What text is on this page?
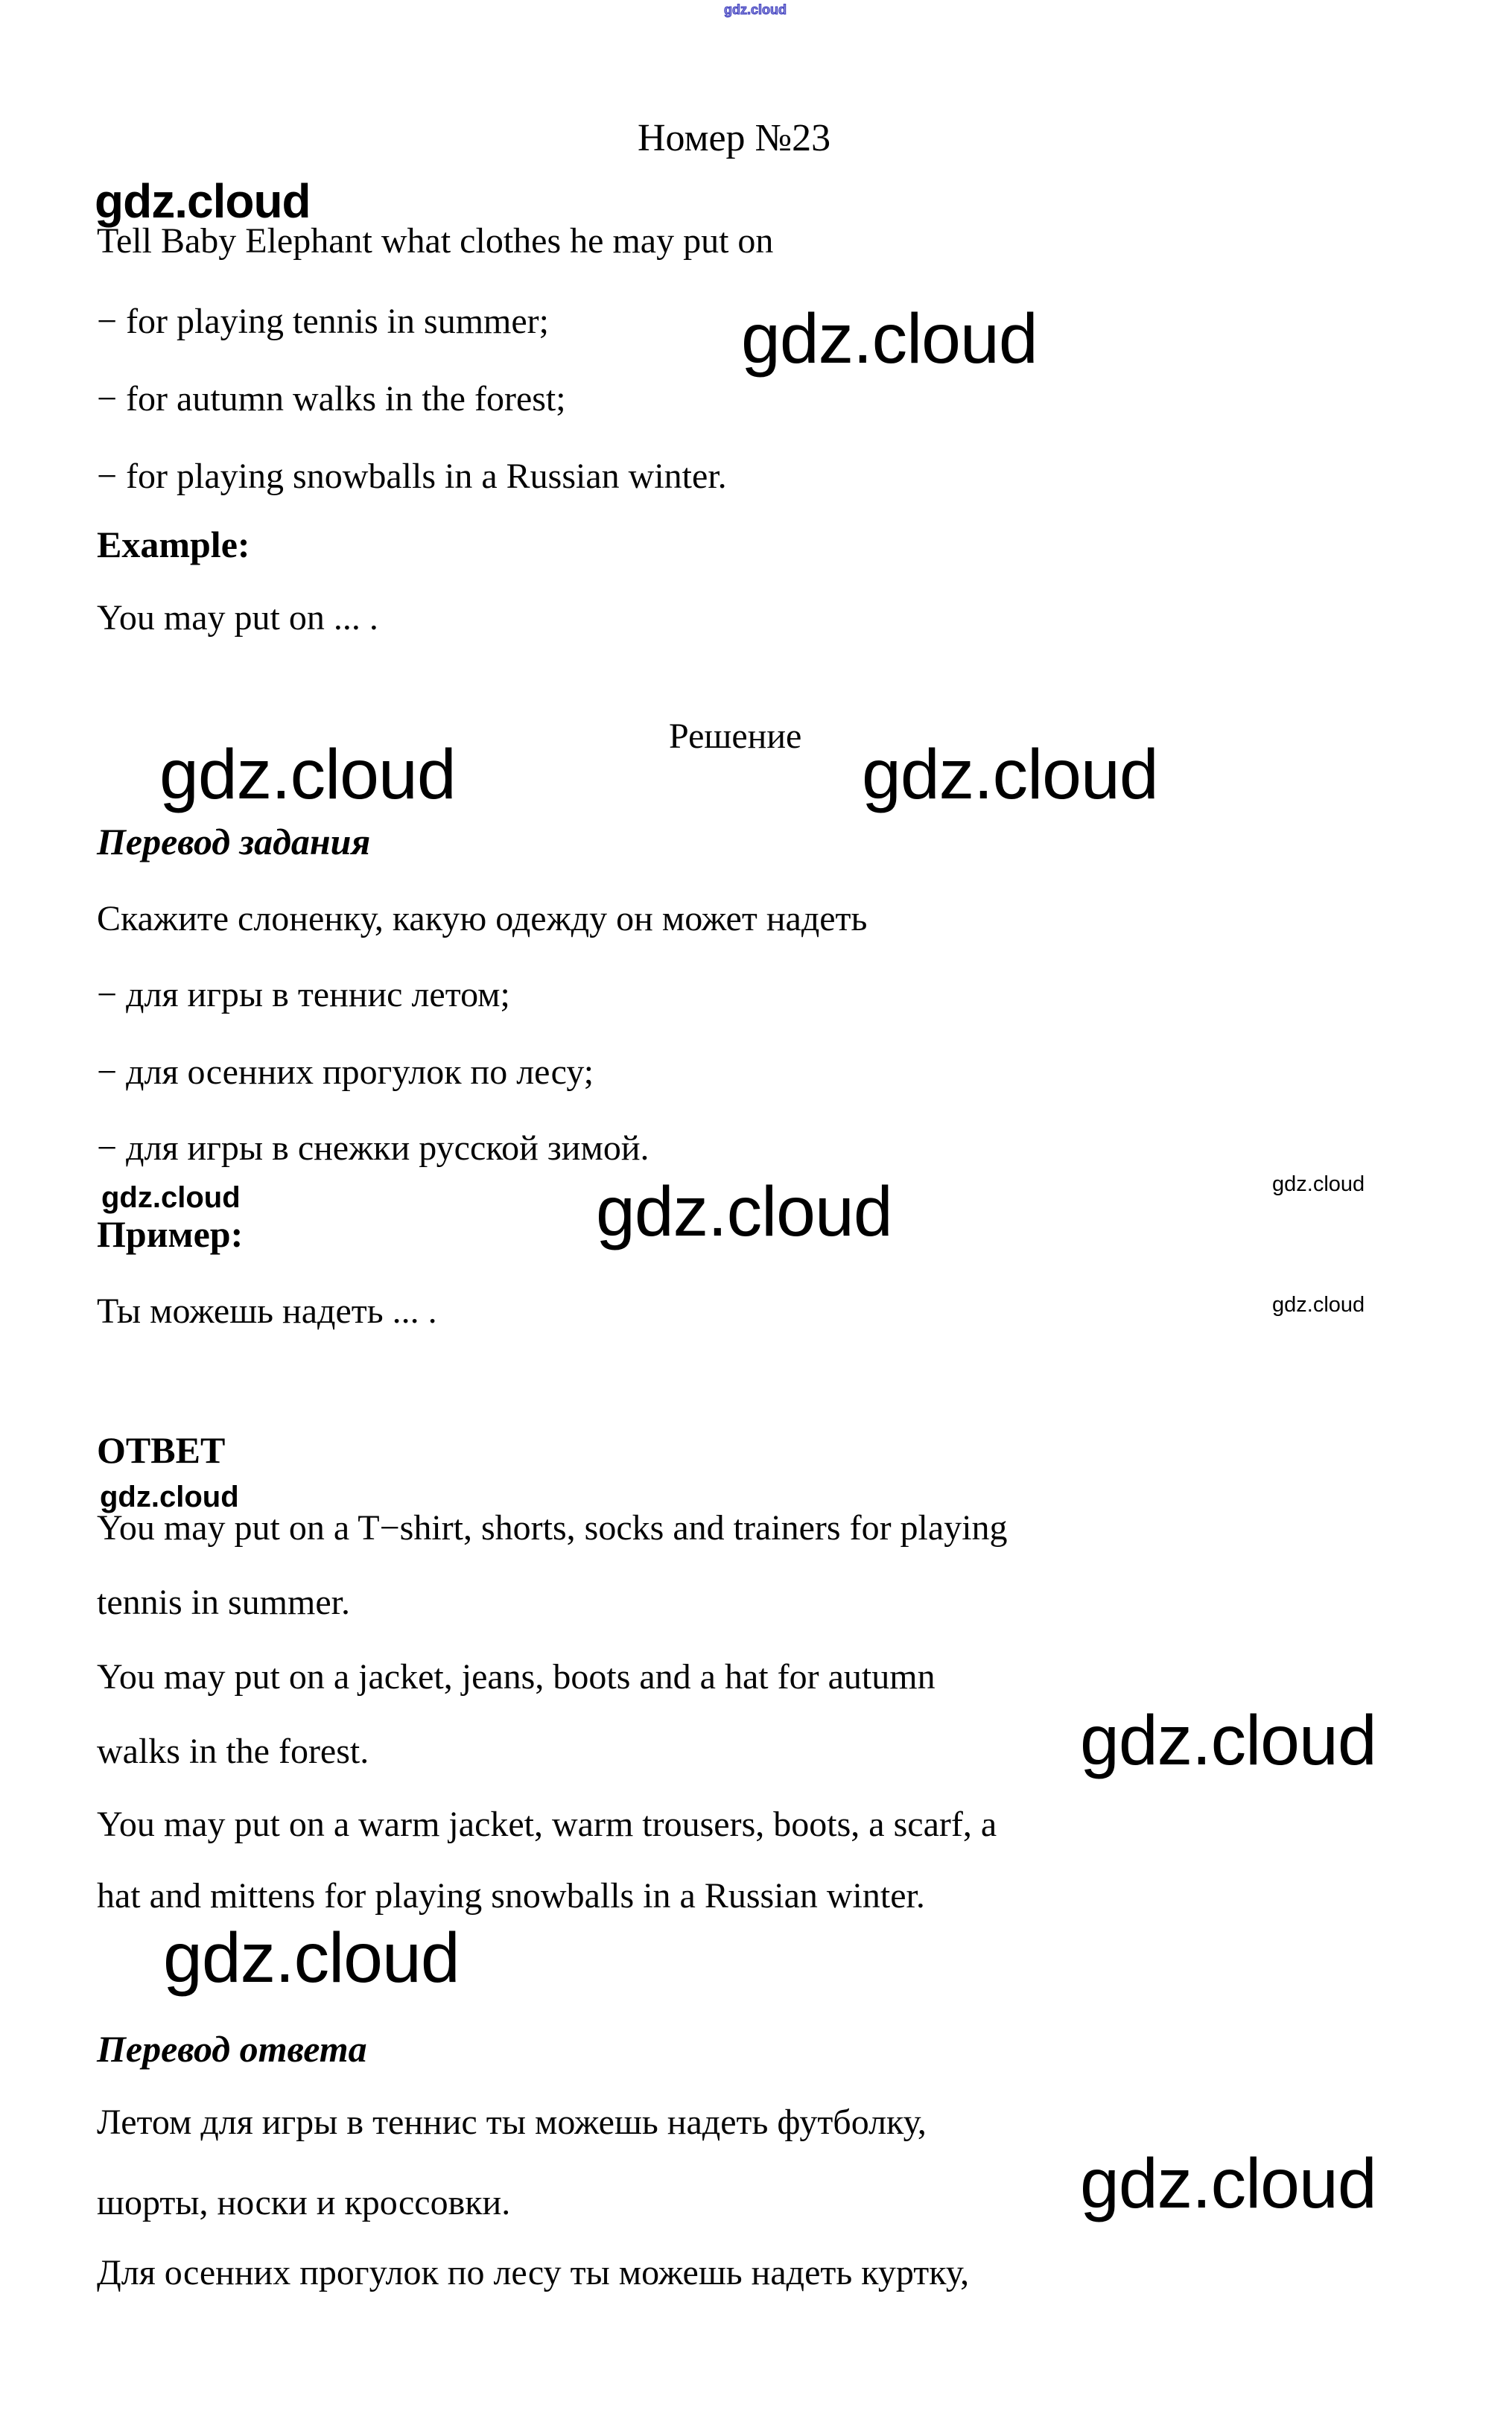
gdz.cloud
Номер №23
gdz.cloud
Tell Baby Elephant what clothes he may put on
− for playing tennis in summer;	gdz.cloud
− for autumn walks in the forest;
− for playing snowballs in a Russian winter.
Example:
You may put on ... .
Решение
gdz.cloud	gdz.cloud
Перевод задания
Скажите слоненку, какую одежду он может надеть
− для игры в теннис летом;
− для осенних прогулок по лесу;
− для игры в снежки русской зимой.
gdz.cloud	gdz.cloud	gdz.cloud
Пример:
Ты можешь надеть ... .	gdz.cloud
ОТВЕТ
gdz.cloud
You may put on a T−shirt, shorts, socks and trainers for playing
tennis in summer.
You may put on a jacket, jeans, boots and a hat for autumn
gdz.cloud
walks in the forest.
You may put on a warm jacket, warm trousers, boots, a scarf, a
hat and mittens for playing snowballs in a Russian winter.
gdz.cloud
Перевод ответа
Летом для игры в теннис ты можешь надеть футболку,
gdz.cloud
шорты, носки и кроссовки.
Для осенних прогулок по лесу ты можешь надеть куртку,
